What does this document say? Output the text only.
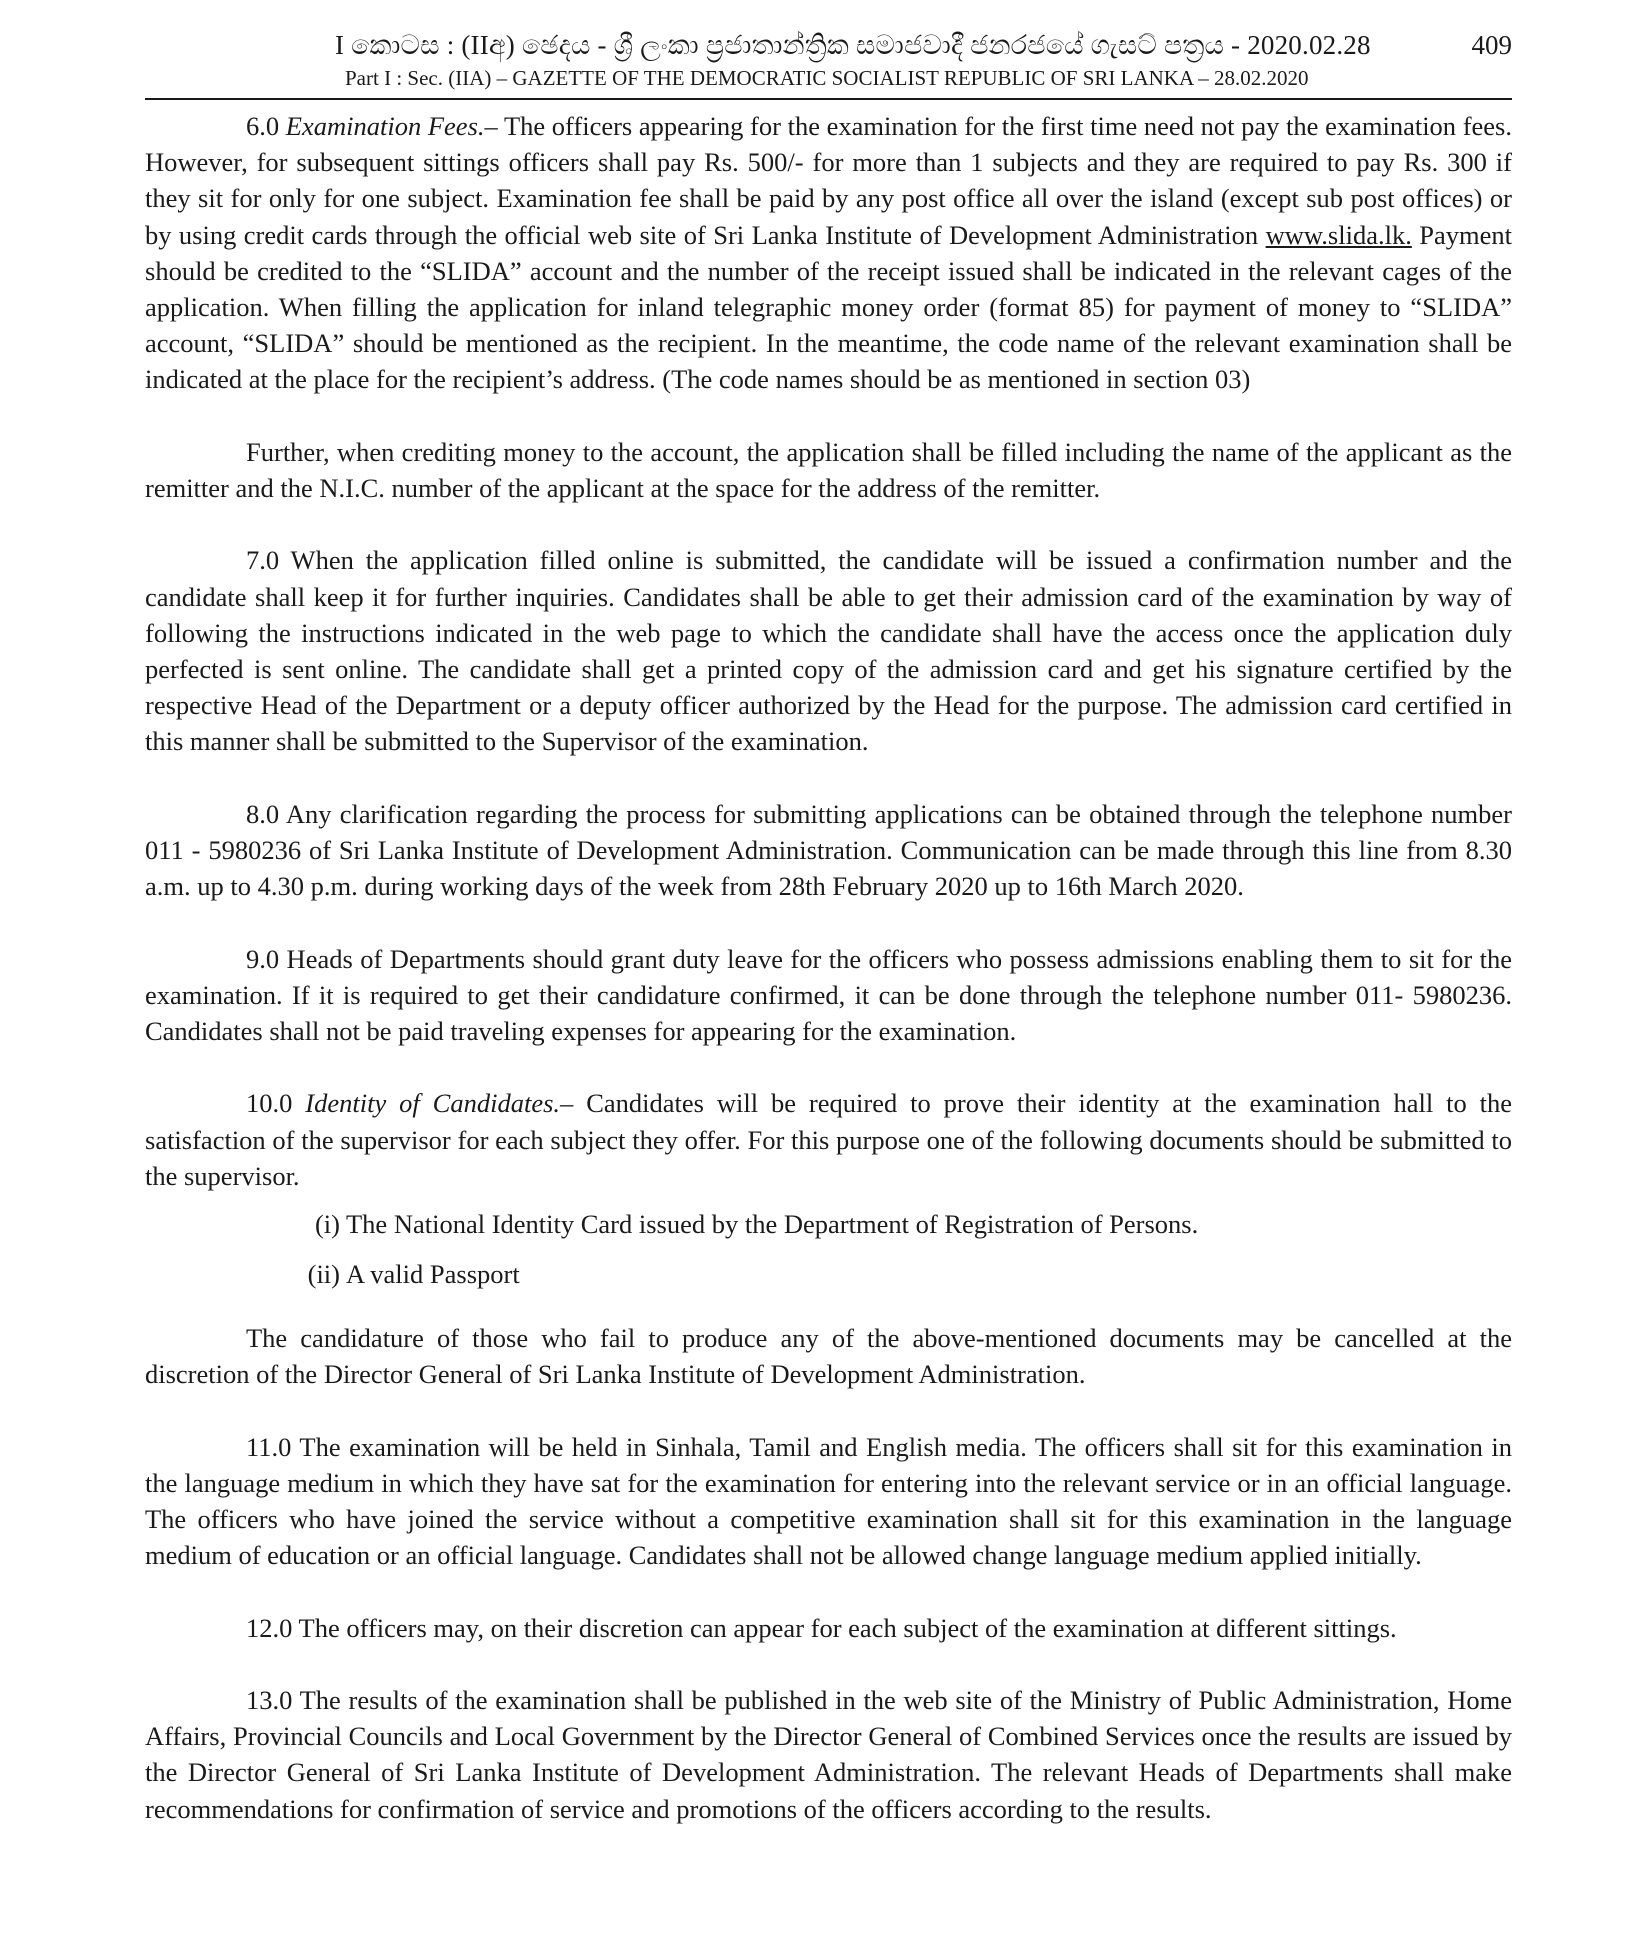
I කොටස : (IIඅ) ඡෙදය - ශ්‍රී ලංකා ප්‍රජාතාන්ත්‍රික සමාජවාදී ජනරජයේ ගැසට් පත්‍රය - 2020.02.28
Part I : Sec. (IIA) – GAZETTE OF THE DEMOCRATIC SOCIALIST REPUBLIC OF SRI LANKA – 28.02.2020
409

6.0 Examination Fees.– The officers appearing for the examination for the first time need not pay the examination fees. However, for subsequent sittings officers shall pay Rs. 500/- for more than 1 subjects and they are required to pay Rs. 300 if they sit for only for one subject. Examination fee shall be paid by any post office all over the island (except sub post offices) or by using credit cards through the official web site of Sri Lanka Institute of Development Administration www.slida.lk. Payment should be credited to the “SLIDA” account and the number of the receipt issued shall be indicated in the relevant cages of the application. When filling the application for inland telegraphic money order (format 85) for payment of money to “SLIDA” account, “SLIDA” should be mentioned as the recipient. In the meantime, the code name of the relevant examination shall be indicated at the place for the recipient’s address. (The code names should be as mentioned in section 03)

Further, when crediting money to the account, the application shall be filled including the name of the applicant as the remitter and the N.I.C. number of the applicant at the space for the address of the remitter.

7.0 When the application filled online is submitted, the candidate will be issued a confirmation number and the candidate shall keep it for further inquiries. Candidates shall be able to get their admission card of the examination by way of following the instructions indicated in the web page to which the candidate shall have the access once the application duly perfected is sent online. The candidate shall get a printed copy of the admission card and get his signature certified by the respective Head of the Department or a deputy officer authorized by the Head for the purpose. The admission card certified in this manner shall be submitted to the Supervisor of the examination.

8.0 Any clarification regarding the process for submitting applications can be obtained through the telephone number 011 - 5980236 of Sri Lanka Institute of Development Administration. Communication can be made through this line from 8.30 a.m. up to 4.30 p.m. during working days of the week from 28th February 2020 up to 16th March 2020.

9.0 Heads of Departments should grant duty leave for the officers who possess admissions enabling them to sit for the examination. If it is required to get their candidature confirmed, it can be done through the telephone number 011- 5980236. Candidates shall not be paid traveling expenses for appearing for the examination.

10.0 Identity of Candidates.– Candidates will be required to prove their identity at the examination hall to the satisfaction of the supervisor for each subject they offer. For this purpose one of the following documents should be submitted to the supervisor.

(i) The National Identity Card issued by the Department of Registration of Persons.
(ii) A valid Passport

The candidature of those who fail to produce any of the above-mentioned documents may be cancelled at the discretion of the Director General of Sri Lanka Institute of Development Administration.

11.0 The examination will be held in Sinhala, Tamil and English media. The officers shall sit for this examination in the language medium in which they have sat for the examination for entering into the relevant service or in an official language. The officers who have joined the service without a competitive examination shall sit for this examination in the language medium of education or an official language. Candidates shall not be allowed change language medium applied initially.

12.0 The officers may, on their discretion can appear for each subject of the examination at different sittings.

13.0 The results of the examination shall be published in the web site of the Ministry of Public Administration, Home Affairs, Provincial Councils and Local Government by the Director General of Combined Services once the results are issued by the Director General of Sri Lanka Institute of Development Administration. The relevant Heads of Departments shall make recommendations for confirmation of service and promotions of the officers according to the results.
